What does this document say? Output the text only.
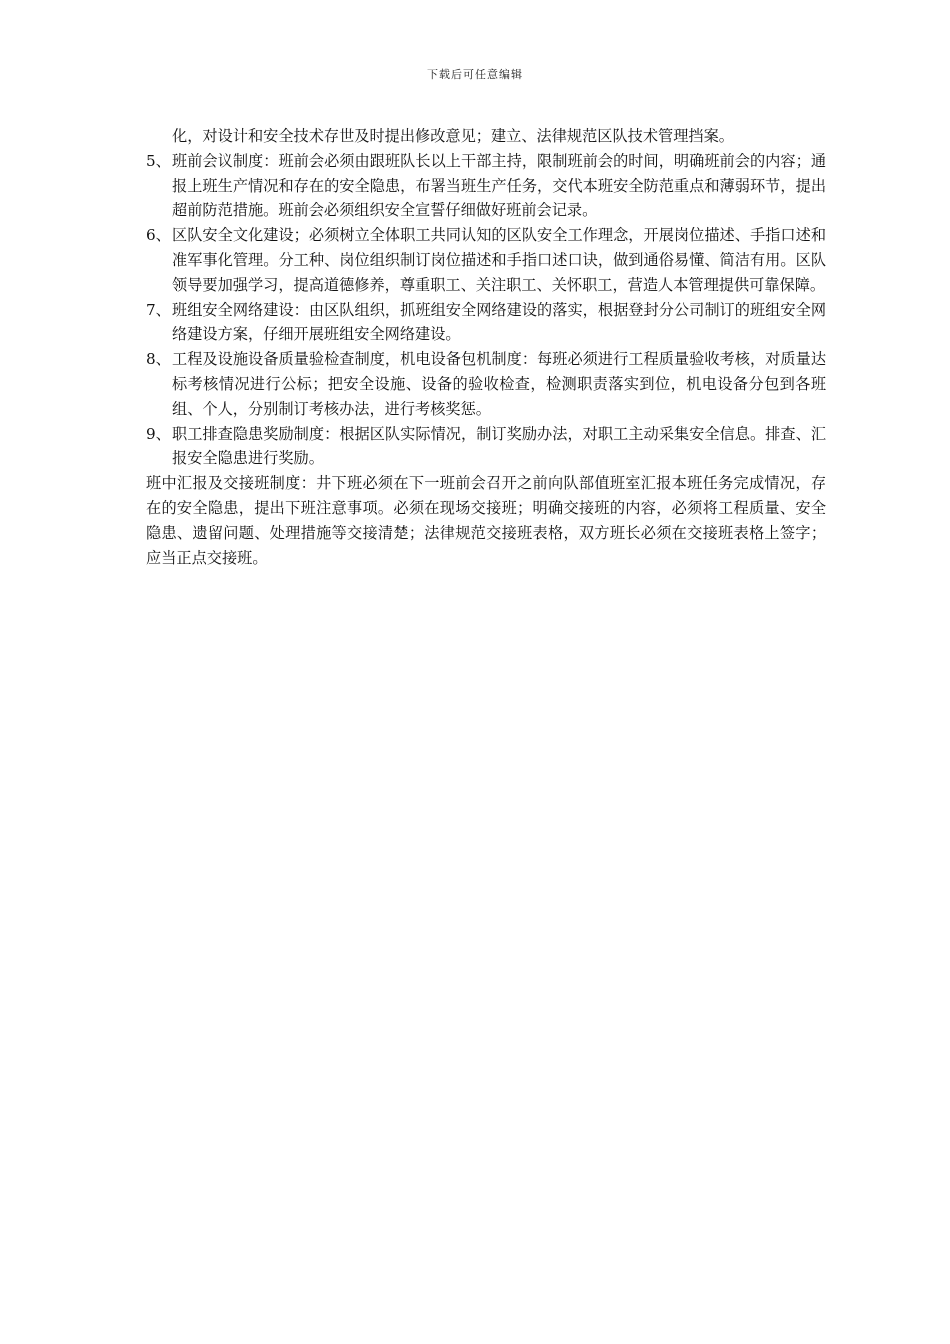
下载后可任意编辑

化，对设计和安全技术存世及时提出修改意见；建立、法律规范区队技术管理挡案。

5、 班前会议制度：班前会必须由跟班队长以上干部主持，限制班前会的时间，明确班前会的内容；通报上班生产情况和存在的安全隐患，布署当班生产任务，交代本班安全防范重点和薄弱环节，提出超前防范措施。班前会必须组织安全宣誓仔细做好班前会记录。
6、 区队安全文化建设；必须树立全体职工共同认知的区队安全工作理念，开展岗位描述、手指口述和准军事化管理。分工种、岗位组织制订岗位描述和手指口述口诀，做到通俗易懂、简洁有用。区队领导要加强学习，提高道德修养，尊重职工、关注职工、关怀职工，营造人本管理提供可靠保障。
7、 班组安全网络建设：由区队组织，抓班组安全网络建设的落实，根据登封分公司制订的班组安全网络建设方案，仔细开展班组安全网络建设。
8、 工程及设施设备质量验检查制度，机电设备包机制度：每班必须进行工程质量验收考核，对质量达标考核情况进行公标；把安全设施、设备的验收检查，检测职责落实到位，机电设备分包到各班组、个人，分别制订考核办法，进行考核奖惩。
9、 职工排查隐患奖励制度：根据区队实际情况，制订奖励办法，对职工主动采集安全信息。排查、汇报安全隐患进行奖励。

班中汇报及交接班制度：井下班必须在下一班前会召开之前向队部值班室汇报本班任务完成情况，存在的安全隐患，提出下班注意事项。必须在现场交接班；明确交接班的内容，必须将工程质量、安全隐患、遗留问题、处理措施等交接清楚；法律规范交接班表格，双方班长必须在交接班表格上签字；应当正点交接班。
